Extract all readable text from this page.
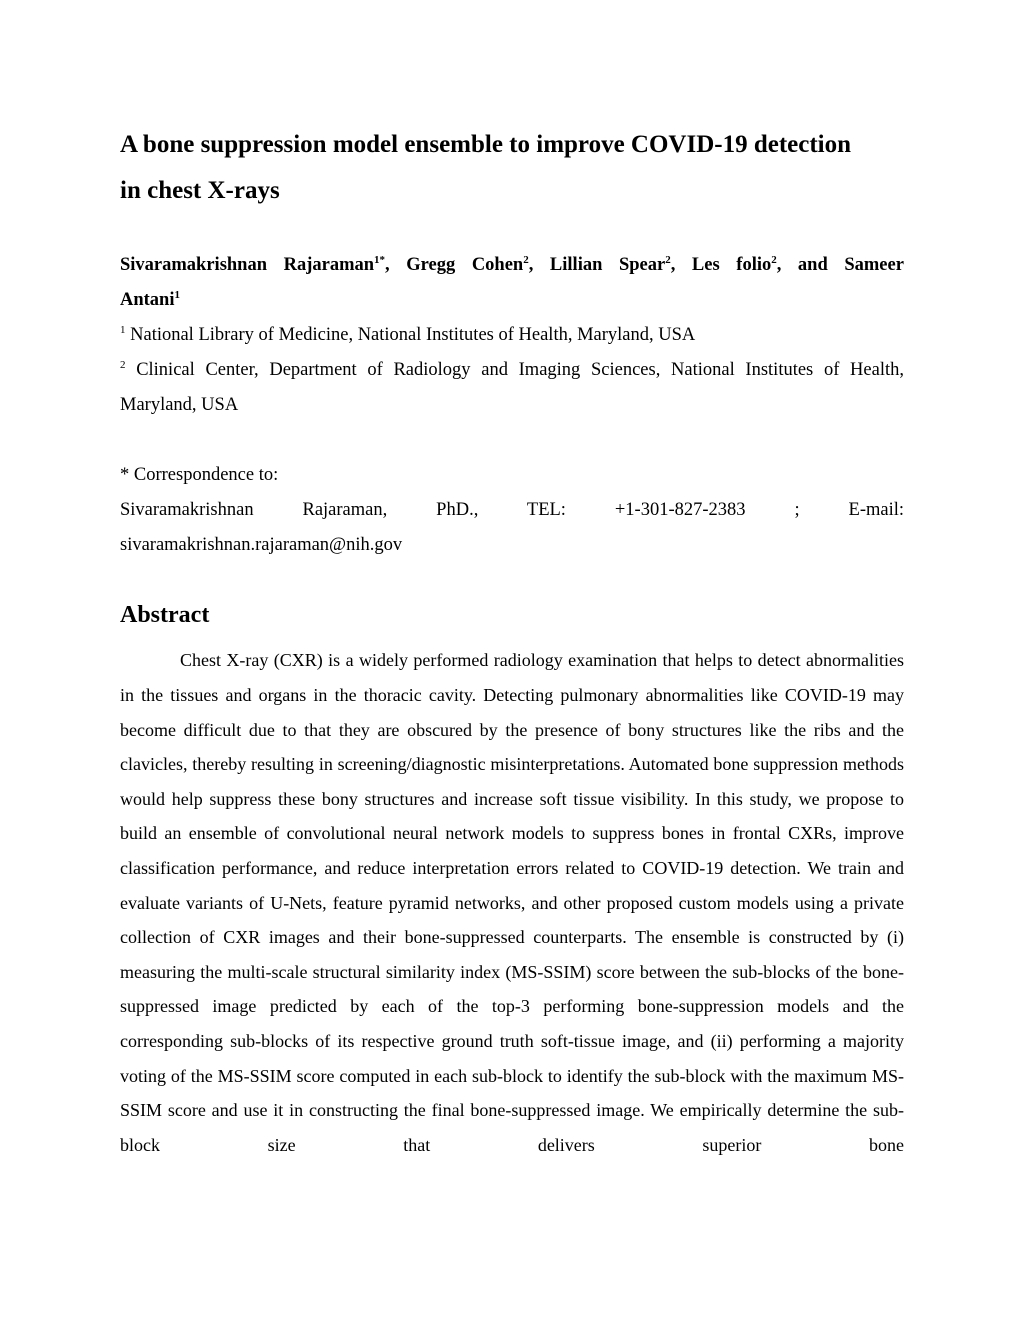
A bone suppression model ensemble to improve COVID-19 detection
in chest X-rays
Sivaramakrishnan Rajaraman$^{1*}$, Gregg Cohen$^2$, Lillian Spear$^2$, Les folio$^2$, and Sameer
Antani$^1$
$^1$ National Library of Medicine, National Institutes of Health, Maryland, USA
$^2$ Clinical Center, Department of Radiology and Imaging Sciences, National Institutes of Health, Maryland, USA
* Correspondence to:
Sivaramakrishnan Rajaraman, PhD., TEL: +1-301-827-2383 ; E-mail:
sivaramakrishnan.rajaraman@nih.gov
Abstract
Chest X-ray (CXR) is a widely performed radiology examination that helps to detect abnormalities in the tissues and organs in the thoracic cavity. Detecting pulmonary abnormalities like COVID-19 may become difficult due to that they are obscured by the presence of bony structures like the ribs and the clavicles, thereby resulting in screening/diagnostic misinterpretations. Automated bone suppression methods would help suppress these bony structures and increase soft tissue visibility. In this study, we propose to build an ensemble of convolutional neural network models to suppress bones in frontal CXRs, improve classification performance, and reduce interpretation errors related to COVID-19 detection. We train and evaluate variants of U-Nets, feature pyramid networks, and other proposed custom models using a private collection of CXR images and their bone-suppressed counterparts. The ensemble is constructed by (i) measuring the multi-scale structural similarity index (MS-SSIM) score between the sub-blocks of the bone-suppressed image predicted by each of the top-3 performing bone-suppression models and the corresponding sub-blocks of its respective ground truth soft-tissue image, and (ii) performing a majority voting of the MS-SSIM score computed in each sub-block to identify the sub-block with the maximum MS-SSIM score and use it in constructing the final bone-suppressed image. We empirically determine the sub-block size that delivers superior bone
